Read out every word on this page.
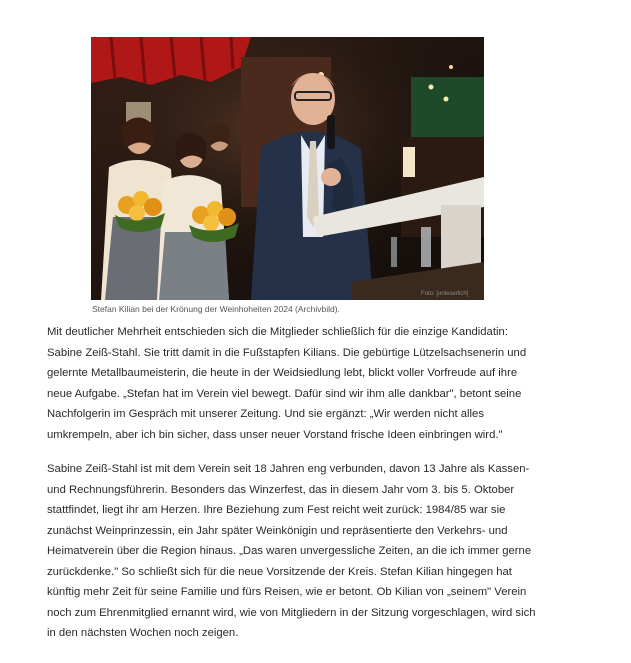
Foto: [unleserlich]
Stefan Kilian bei der Krönung der Weinhoheiten 2024 (Archivbild).

Mit deutlicher Mehrheit entschieden sich die Mitglieder schließlich für die einzige Kandidatin:
Sabine Zeiß-Stahl. Sie tritt damit in die Fußstapfen Kilians. Die gebürtige Lützelsachsenerin und
gelernte Metallbaumeisterin, die heute in der Weidsiedlung lebt, blickt voller Vorfreude auf ihre
neue Aufgabe. „Stefan hat im Verein viel bewegt. Dafür sind wir ihm alle dankbar", betont seine
Nachfolgerin im Gespräch mit unserer Zeitung. Und sie ergänzt: „Wir werden nicht alles
umkrempeln, aber ich bin sicher, dass unser neuer Vorstand frische Ideen einbringen wird."

Sabine Zeiß-Stahl ist mit dem Verein seit 18 Jahren eng verbunden, davon 13 Jahre als Kassen-
und Rechnungsführerin. Besonders das Winzerfest, das in diesem Jahr vom 3. bis 5. Oktober
stattfindet, liegt ihr am Herzen. Ihre Beziehung zum Fest reicht weit zurück: 1984/85 war sie
zunächst Weinprinzessin, ein Jahr später Weinkönigin und repräsentierte den Verkehrs- und
Heimatverein über die Region hinaus. „Das waren unvergessliche Zeiten, an die ich immer gerne
zurückdenke." So schließt sich für die neue Vorsitzende der Kreis. Stefan Kilian hingegen hat
künftig mehr Zeit für seine Familie und fürs Reisen, wie er betont. Ob Kilian von „seinem" Verein
noch zum Ehrenmitglied ernannt wird, wie von Mitgliedern in der Sitzung vorgeschlagen, wird sich
in den nächsten Wochen noch zeigen.
